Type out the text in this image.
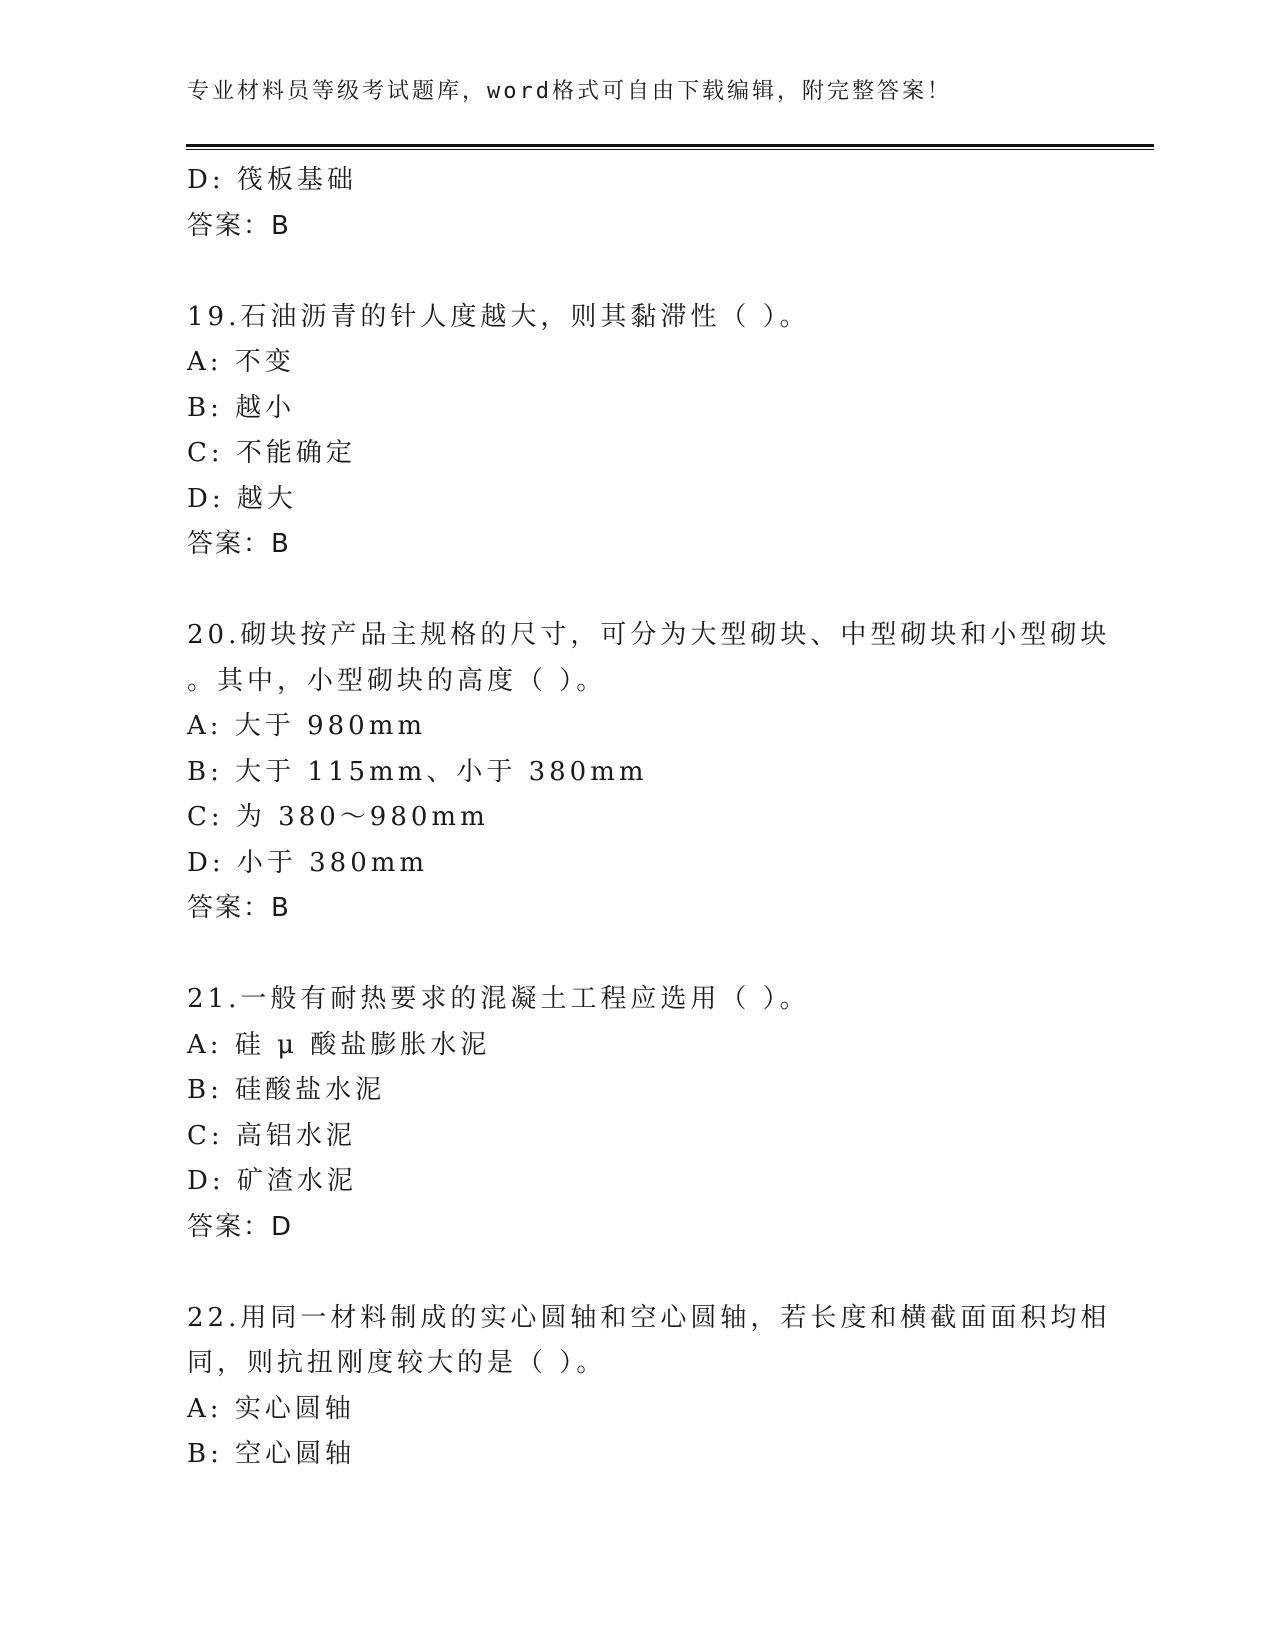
专业材料员等级考试题库，word格式可自由下载编辑，附完整答案！
D: 筏板基础
答案：B
19.石油沥青的针人度越大，则其黏滞性（ ）。
A: 不变
B: 越小
C: 不能确定
D: 越大
答案：B
20.砌块按产品主规格的尺寸，可分为大型砌块、中型砌块和小型砌块
。其中，小型砌块的高度（ ）。
A: 大于 980mm
B: 大于 115mm、小于 380mm
C: 为 380～980mm
D: 小于 380mm
答案：B
21.一般有耐热要求的混凝土工程应选用（ ）。
A: 硅 μ 酸盐膨胀水泥
B: 硅酸盐水泥
C: 高铝水泥
D: 矿渣水泥
答案：D
22.用同一材料制成的实心圆轴和空心圆轴，若长度和横截面面积均相
同，则抗扭刚度较大的是（ ）。
A: 实心圆轴
B: 空心圆轴
